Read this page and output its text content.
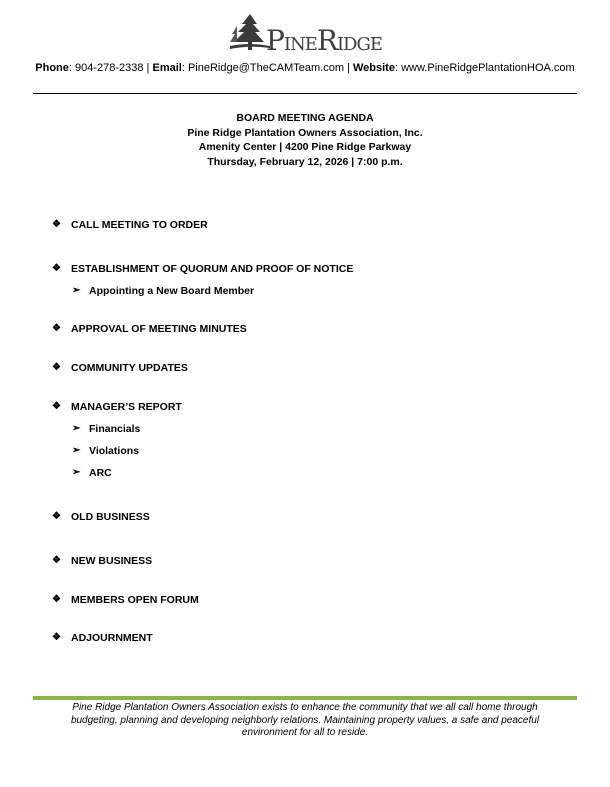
PINERIDGE
Phone: 904-278-2338 | Email: PineRidge@TheCAMTeam.com | Website: www.PineRidgePlantationHOA.com
BOARD MEETING AGENDA
Pine Ridge Plantation Owners Association, Inc.
Amenity Center | 4200 Pine Ridge Parkway
Thursday, February 12, 2026 | 7:00 p.m.
❖ CALL MEETING TO ORDER
❖ ESTABLISHMENT OF QUORUM AND PROOF OF NOTICE
➢ Appointing a New Board Member
❖ APPROVAL OF MEETING MINUTES
❖ COMMUNITY UPDATES
❖ MANAGER’S REPORT
➢ Financials
➢ Violations
➢ ARC
❖ OLD BUSINESS
❖ NEW BUSINESS
❖ MEMBERS OPEN FORUM
❖ ADJOURNMENT
Pine Ridge Plantation Owners Association exists to enhance the community that we all call home through
budgeting, planning and developing neighborly relations. Maintaining property values, a safe and peaceful
environment for all to reside.
